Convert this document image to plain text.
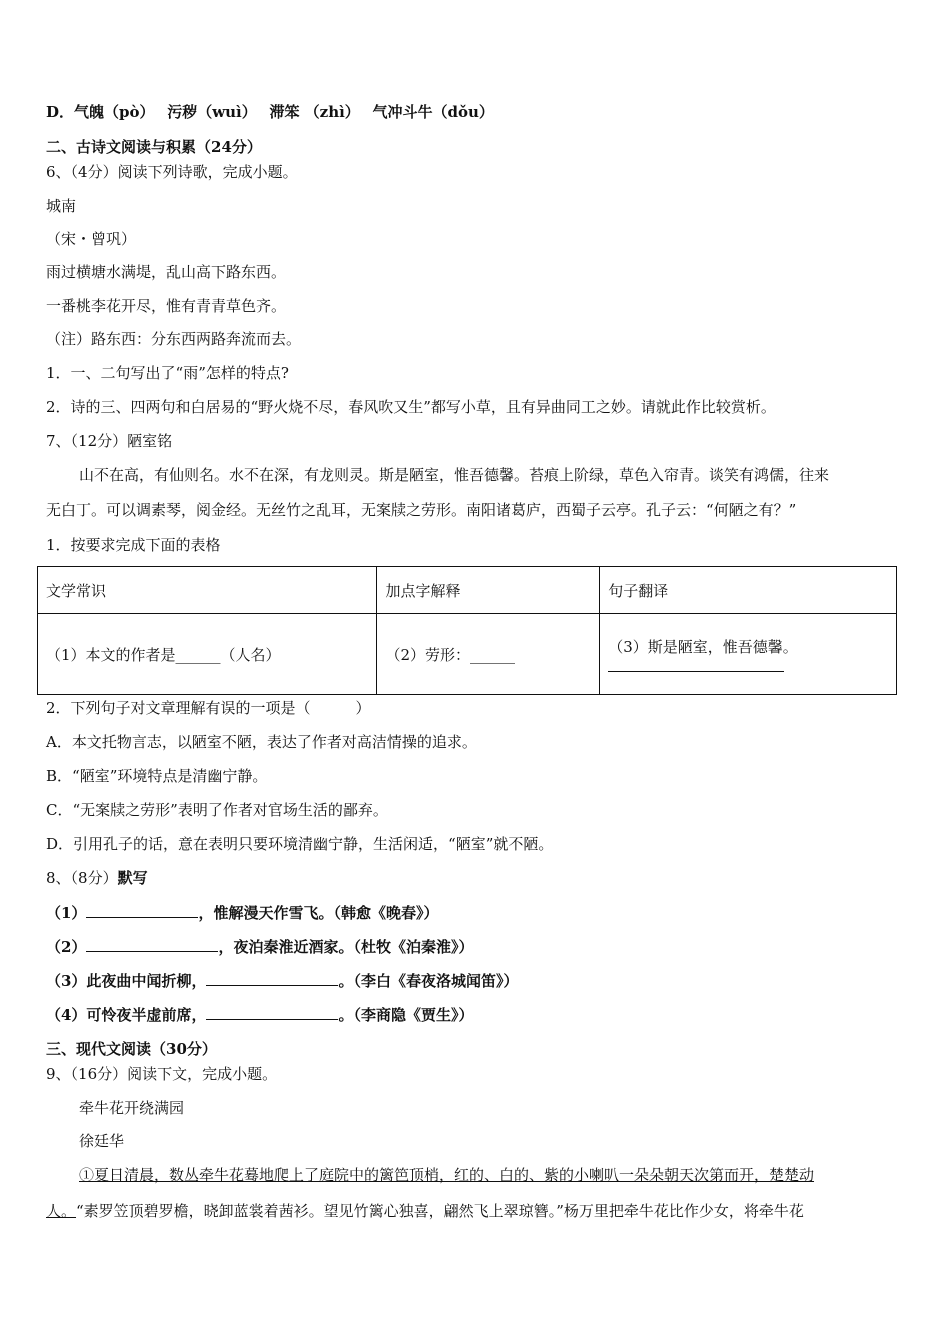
D．气魄（pò）　 污秽（wuì）　 滞笨 （zhì）　 气冲斗牛（dǒu）
二、古诗文阅读与积累（24分）
6、（4分）阅读下列诗歌，完成小题。
城南
（宋・曾巩）
雨过横塘水满堤，乱山高下路东西。
一番桃李花开尽，惟有青青草色齐。
（注）路东西：分东西两路奔流而去。
1．一、二句写出了“雨”怎样的特点?
2．诗的三、四两句和白居易的“野火烧不尽，春风吹又生”都写小草，且有异曲同工之妙。请就此作比较赏析。
7、（12分）陋室铭
山不在高，有仙则名。水不在深，有龙则灵。斯是陋室，惟吾德馨。苔痕上阶绿，草色入帘青。谈笑有鸿儒，往来
无白丁。可以调素琴，阅金经。无丝竹之乱耳，无案牍之劳形。南阳诸葛庐，西蜀子云亭。孔子云：“何陋之有？”
1．按要求完成下面的表格
文学常识	加点字解释	句子翻译
（1）本文的作者是______（人名）	（2）劳形：______	（3）斯是陋室，惟吾德馨。
2．下列句子对文章理解有误的一项是（　　　）
A．本文托物言志，以陋室不陋，表达了作者对高洁情操的追求。
B．“陋室”环境特点是清幽宁静。
C．“无案牍之劳形”表明了作者对官场生活的鄙弃。
D．引用孔子的话，意在表明只要环境清幽宁静，生活闲适，“陋室”就不陋。
8、（8分）默写
（1）	，惟解漫天作雪飞。（韩愈《晚春》）
（2）	，夜泊秦淮近酒家。（杜牧《泊秦淮》）
（3）此夜曲中闻折柳，	。（李白《春夜洛城闻笛》）
（4）可怜夜半虚前席，	。（李商隐《贾生》）
三、现代文阅读（30分）
9、（16分）阅读下文，完成小题。
牵牛花开绕满园
徐廷华
①夏日清晨，数丛牵牛花蓦地爬上了庭院中的篱笆顶梢，红的、白的、紫的小喇叭一朵朵朝天次第而开，楚楚动
人。“素罗笠顶碧罗檐，晓卸蓝裳着茜衫。望见竹篱心独喜，翩然飞上翠琼簪。”杨万里把牵牛花比作少女，将牵牛花
